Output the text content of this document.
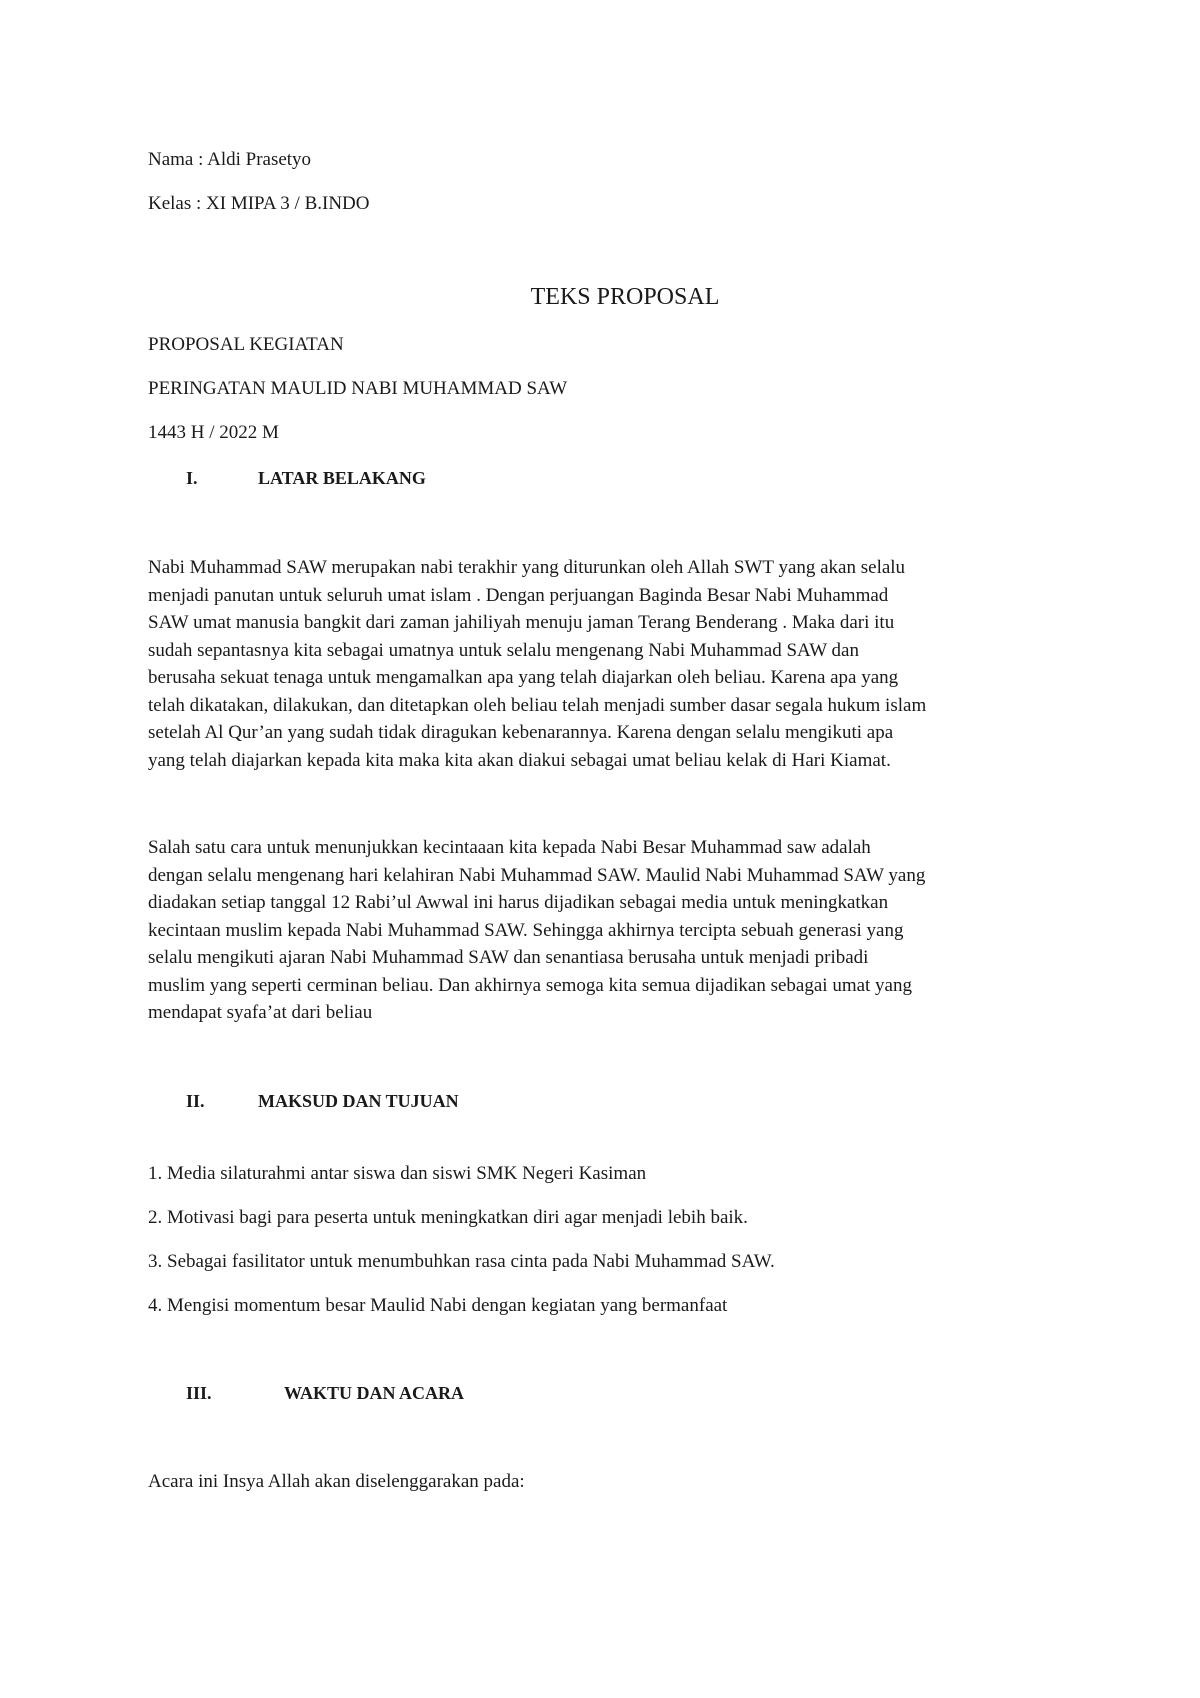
Nama : Aldi Prasetyo
Kelas : XI MIPA 3 / B.INDO
TEKS PROPOSAL
PROPOSAL KEGIATAN
PERINGATAN MAULID NABI MUHAMMAD SAW
1443 H / 2022 M
I.	LATAR BELAKANG

Nabi Muhammad SAW merupakan nabi terakhir yang diturunkan oleh Allah SWT yang akan selalu

menjadi panutan untuk seluruh umat islam . Dengan perjuangan Baginda Besar Nabi Muhammad

SAW umat manusia bangkit dari zaman jahiliyah menuju jaman Terang Benderang . Maka dari itu

sudah sepantasnya kita sebagai umatnya untuk selalu mengenang Nabi Muhammad SAW dan

berusaha sekuat tenaga untuk mengamalkan apa yang telah diajarkan oleh beliau. Karena apa yang

telah dikatakan, dilakukan, dan ditetapkan oleh beliau telah menjadi sumber dasar segala hukum islam

setelah Al Qur’an yang sudah tidak diragukan kebenarannya. Karena dengan selalu mengikuti apa

yang telah diajarkan kepada kita maka kita akan diakui sebagai umat beliau kelak di Hari Kiamat.

Salah satu cara untuk menunjukkan kecintaaan kita kepada Nabi Besar Muhammad saw adalah

dengan selalu mengenang hari kelahiran Nabi Muhammad SAW. Maulid Nabi Muhammad SAW yang

diadakan setiap tanggal 12 Rabi’ul Awwal ini harus dijadikan sebagai media untuk meningkatkan

kecintaan muslim kepada Nabi Muhammad SAW. Sehingga akhirnya tercipta sebuah generasi yang

selalu mengikuti ajaran Nabi Muhammad SAW dan senantiasa berusaha untuk menjadi pribadi

muslim yang seperti cerminan beliau. Dan akhirnya semoga kita semua dijadikan sebagai umat yang

mendapat syafa’at dari beliau

II.	MAKSUD DAN TUJUAN
1. Media silaturahmi antar siswa dan siswi SMK Negeri Kasiman
2. Motivasi bagi para peserta untuk meningkatkan diri agar menjadi lebih baik.
3. Sebagai fasilitator untuk menumbuhkan rasa cinta pada Nabi Muhammad SAW.
4. Mengisi momentum besar Maulid Nabi dengan kegiatan yang bermanfaat
III.	WAKTU DAN ACARA
Acara ini Insya Allah akan diselenggarakan pada:
